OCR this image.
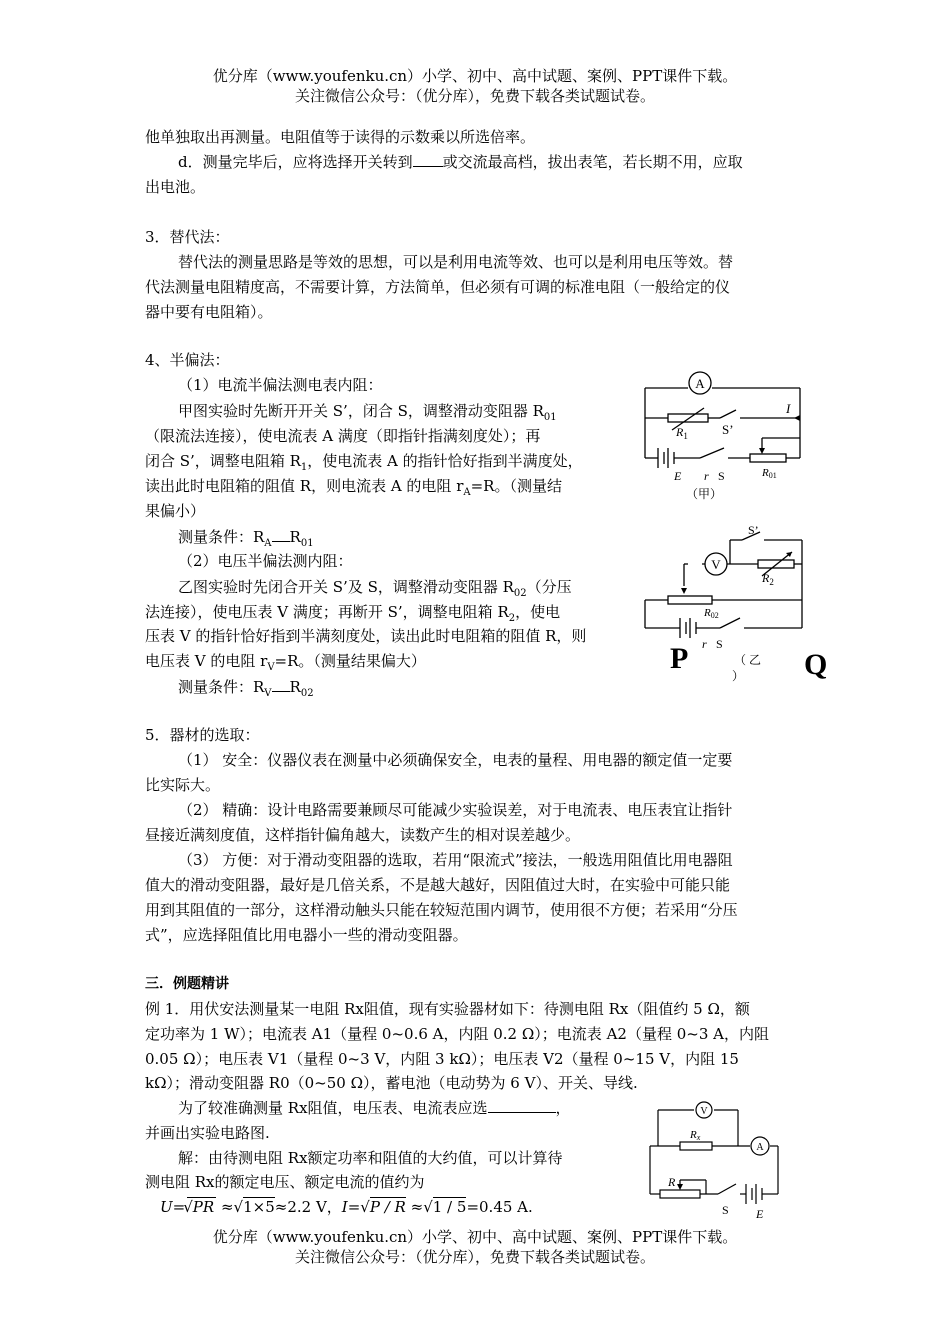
优分库（www.youfenku.cn）小学、初中、高中试题、案例、PPT课件下载。
关注微信公众号：（优分库），免费下载各类试题试卷。
他单独取出再测量。电阻值等于读得的示数乘以所选倍率。
d．测量完毕后，应将选择开关转到 或交流最高档，拔出表笔，若长期不用，应取
出电池。
3．替代法：
替代法的测量思路是等效的思想，可以是利用电流等效、也可以是利用电压等效。替
代法测量电阻精度高，不需要计算，方法简单，但必须有可调的标准电阻（一般给定的仪
器中要有电阻箱）。
4、半偏法：
（1）电流半偏法测电表内阻：
甲图实验时先断开开关 S’，闭合 S，调整滑动变阻器 $R_{01}$
（限流法连接），使电流表 A 满度（即指针指满刻度处）；再
闭合 S’，调整电阻箱 $R_1$，使电流表 A 的指针恰好指到半满度处，
读出此时电阻箱的阻值 R，则电流表 A 的电阻 $r_A=R$。（测量结
果偏小）
测量条件：$R_A$ $R_{01}$
（2）电压半偏法测内阻：
乙图实验时先闭合开关 S’及 S，调整滑动变阻器 $R_{02}$（分压
法连接），使电压表 V 满度；再断开 S’，调整电阻箱 $R_2$，使电
压表 V 的指针恰好指到半满刻度处，读出此时电阻箱的阻值 R，则
电压表 V 的电阻 $r_V=R$。（测量结果偏大）
测量条件：$R_V$ $R_{02}$
5．器材的选取：
（1） 安全：仪器仪表在测量中必须确保安全，电表的量程、用电器的额定值一定要
比实际大。
（2） 精确：设计电路需要兼顾尽可能减少实验误差，对于电流表、电压表宜让指针
昼接近满刻度值，这样指针偏角越大，读数产生的相对误差越少。
（3） 方便：对于滑动变阻器的选取，若用“限流式”接法，一般选用阻值比用电器阻
值大的滑动变阻器，最好是几倍关系，不是越大越好，因阻值过大时，在实验中可能只能
用到其阻值的一部分，这样滑动触头只能在较短范围内调节，使用很不方便；若采用“分压
式”，应选择阻值比用电器小一些的滑动变阻器。
三．例题精讲
例 1．用伏安法测量某一电阻 Rx阻值，现有实验器材如下：待测电阻 Rx（阻值约 5 Ω，额
定功率为 1 W）；电流表 A1（量程 0~0.6 A，内阻 0.2 Ω）；电流表 A2（量程 0~3 A，内阻
0.05 Ω）；电压表 V1（量程 0~3 V，内阻 3 kΩ）；电压表 V2（量程 0~15 V，内阻 15
kΩ）；滑动变阻器 R0（0~50 Ω），蓄电池（电动势为 6 V）、开关、导线.
为了较准确测量 Rx阻值，电压表、电流表应选	，
并画出实验电路图.
解：由待测电阻 Rx额定功率和阻值的大约值，可以计算待
测电阻 Rx的额定电压、额定电流的值约为
U=√PR ≈√1×5≈2.2 V，I=√P / R ≈√1 / 5=0.45 A.
A
I
$R_1$	S’
E r S	R01
（甲）
V
S’
$R_2$
R02
r S
P	（ 乙
） Q
V
A
Rx
R
S E
优分库（www.youfenku.cn）小学、初中、高中试题、案例、PPT课件下载。
关注微信公众号：（优分库），免费下载各类试题试卷。
